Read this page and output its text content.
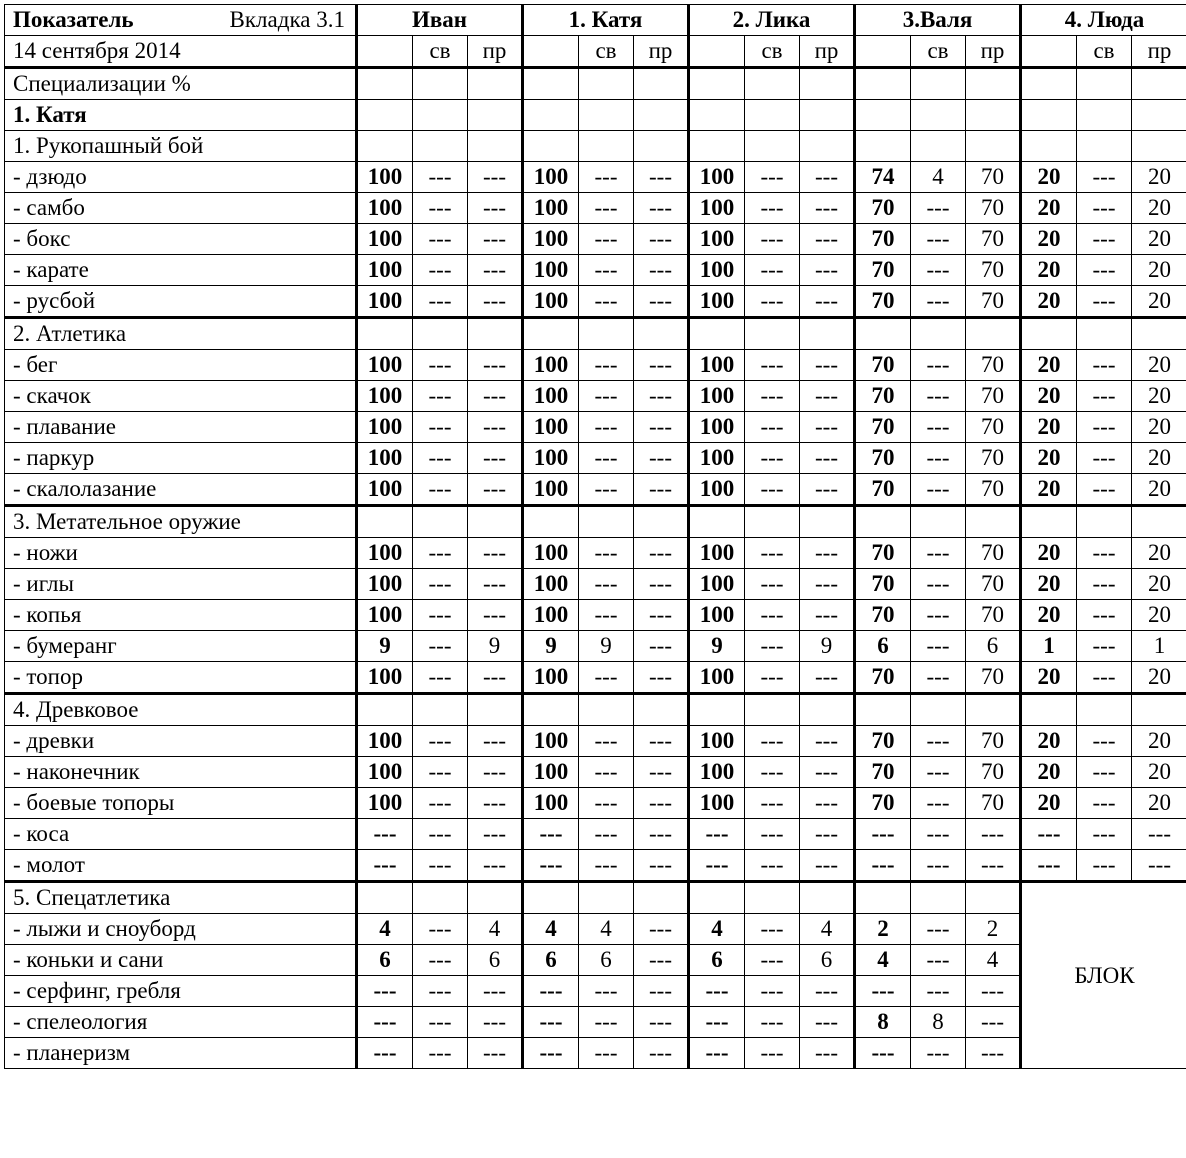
Показатель Вкладка 3.1	Иван			1. Катя			2. Лика			3.Валя			4. Люда		
14 сентября 2014		св	пр		св	пр		св	пр		св	пр		св	пр
Специализации %															
1. Катя															
1. Рукопашный бой															
- дзюдо	100	---	---	100	---	---	100	---	---	74	4	70	20	---	20
- самбо	100	---	---	100	---	---	100	---	---	70	---	70	20	---	20
- бокс	100	---	---	100	---	---	100	---	---	70	---	70	20	---	20
- карате	100	---	---	100	---	---	100	---	---	70	---	70	20	---	20
- русбой	100	---	---	100	---	---	100	---	---	70	---	70	20	---	20
2. Атлетика															
- бег	100	---	---	100	---	---	100	---	---	70	---	70	20	---	20
- скачок	100	---	---	100	---	---	100	---	---	70	---	70	20	---	20
- плавание	100	---	---	100	---	---	100	---	---	70	---	70	20	---	20
- паркур	100	---	---	100	---	---	100	---	---	70	---	70	20	---	20
- скалолазание	100	---	---	100	---	---	100	---	---	70	---	70	20	---	20
3. Метательное оружие															
- ножи	100	---	---	100	---	---	100	---	---	70	---	70	20	---	20
- иглы	100	---	---	100	---	---	100	---	---	70	---	70	20	---	20
- копья	100	---	---	100	---	---	100	---	---	70	---	70	20	---	20
- бумеранг	9	---	9	9	9	---	9	---	9	6	---	6	1	---	1
- топор	100	---	---	100	---	---	100	---	---	70	---	70	20	---	20
4. Древковое															
- древки	100	---	---	100	---	---	100	---	---	70	---	70	20	---	20
- наконечник	100	---	---	100	---	---	100	---	---	70	---	70	20	---	20
- боевые топоры	100	---	---	100	---	---	100	---	---	70	---	70	20	---	20
- коса	---	---	---	---	---	---	---	---	---	---	---	---	---	---	---
- молот	---	---	---	---	---	---	---	---	---	---	---	---	---	---	---
5. Спецатлетика													БЛОК		
- лыжи и сноуборд	4	---	4	4	4	---	4	---	4	2	---	2			
- коньки и сани	6	---	6	6	6	---	6	---	6	4	---	4			
- серфинг, гребля	---	---	---	---	---	---	---	---	---	---	---	---			
- спелеология	---	---	---	---	---	---	---	---	---	8	8	---			
- планеризм	---	---	---	---	---	---	---	---	---	---	---	---			
